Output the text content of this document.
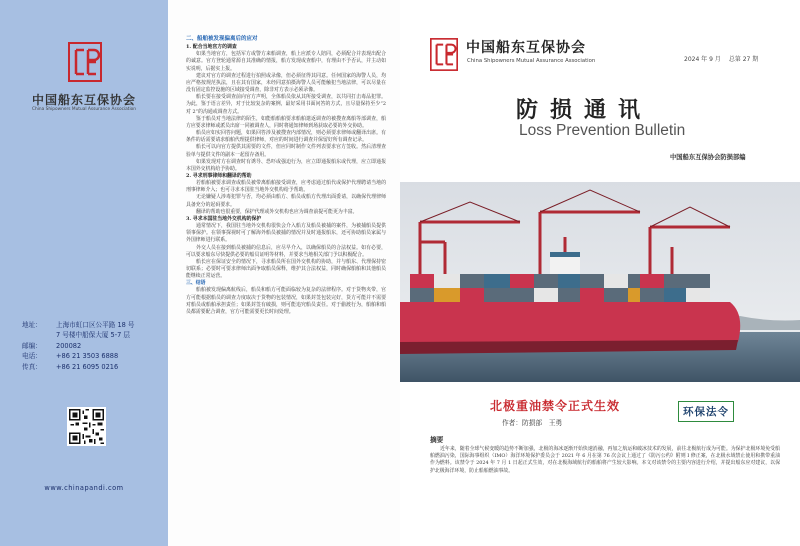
中国船东互保协会
China Shipowners Mutual Assurance Association
地址：	上海市虹口区公平路 18 号
7 号楼中船保大厦 5-7 层
邮编：	200082
电话：	+86 21 3503 6888
传真：	+86 21 6095 0216
www.chinapandi.com
二、船舶被发现偏离后的应对
1. 配合当地官方的调查

如果当地官方，包括军方或警方来船调查，船上应派专人陪同，必须配合并表现出配合的诚意。官方登轮通常源自其准确的情报，船方发现或查船中，有理由不予否认，并主动如实说明，后据实上报。

建议对官方的调查过程进行拍照或录像，但必须征得其同意。任何国家的海警人员，均应严格按规范执法，且在其有国家，未经同意拍摄海警人员可能触犯当地法律，可以尽量在没有固定监控设施的区域接受调查，除非对方表示必须录像。

船长要在接受调查前向官方声明，全体船员依从其所接受调查，以共同打击毒品犯罪。为此，鉴于语言差异，对于比较复杂的案例，最好采用书面问答的方式，且尽量保持至少“2 对 2”的沟通或调查方式。

鉴于船员对当地法律的陌生，如能船船舶要求船舶遣返调查的被搜查离船等部调查，船方应要求律师或派员出席一同被调查人，同时将通知律师到场获取必要的外交协助。

船员应如实回答问题，如果回答涉及被搜查内部情况，则必须要求律师或翻译出席。有条件的话需要请求船舶代理提供律师，对应的时间进行调查并保留好所有调查记录。

船长可以向官方提供其需要的文件，但应同时制作文件列表要求官方签收。然后清理查验单与提供文件的副本一起留存备用。

如果发现对方在调查时有诱导、恐吓或强迫行为，应立即通报船东或代理，应立即通报本国外交机构给予协助。

2. 寻求刑事律师和翻译的帮助

若船舶被要求调查或船员被带离船舶接受调查，应考虑通过船代或保护代理聘请当地的刑事律师介入；也可寻求本国驻当地外交机构给予帮助。

无论嫌疑人涉毒犯罪与否，均必须由船方、船员或船方代理出面委请，以确保代理律师具备充分的起码要求。

翻译的帮助也很重要，保护代理或外交机构也应为调查前提可能更为丰富。

3. 寻求本国驻当地外交机构的保护

通常情况下，我国驻当地外交机构很快会介入船方及船员被捕的案件，为被捕船员提供领事保护。在领事探视时可了解海外船员被捕的情况并及时通报船东，还可协助船员家属与外国律师进行联系。

外交人员在接到船员被捕的信息后，应尽早介入，以确保船员的合法权益。如有必要，可以要求船东尽快提供必要的船员证明等材料，并要求当地相关部门予以积极配合。

船长应在保证安全的情况下，寻求船员所在国外交机构的协助，并与船东、代理保持密切联系；必要时可要求律师出面争取船员保释，维护其合法权益，同时确保船舶和其他船员能继续正常运营。

三、结语

船舶被发现偏离航线后，船员和船方可能面临较为复杂的法律程序。对于货物夹带，官方可能根据船员的调查力度取决于货物的包装情况，如果封签包装完好，货方可能并不需要对船员或船舶承担责任；如果封签有破损，则可能追究船员责任。对于偷渡行为，船舶和船员都需要配合调查，官方可能需要更长时间处理。

中国船东互保协会
China Shipowners Mutual Assurance Association	2024 年 9 月 总第 27 期
防损通讯
Loss Prevention Bulletin
中国船东互保协会防损部编
北极重油禁令正式生效
作者：防损部　王勇
环保法令
摘要
近年来，随着全球气候变暖的趋势不断加强，北极的海冰逐渐开始快速消融，再加之航运和破冰技术的发展，前往北极航行成为可能。为保护北极环境免受船舶燃油污染，国际海事组织（IMO）海洋环境保护委员会于 2021 年 6 月在第 76 次会议上通过了《防污公约》附则 I 修正案，在北极水域禁止使用和携带重油作为燃料。该禁令于 2024 年 7 月 1 日起正式生效，对在北极海域航行的船舶将产生较大影响。本文对该禁令的主要内容进行介绍，并提出船东应对建议，以保护北极海洋环境，防止船舶燃油事故。
